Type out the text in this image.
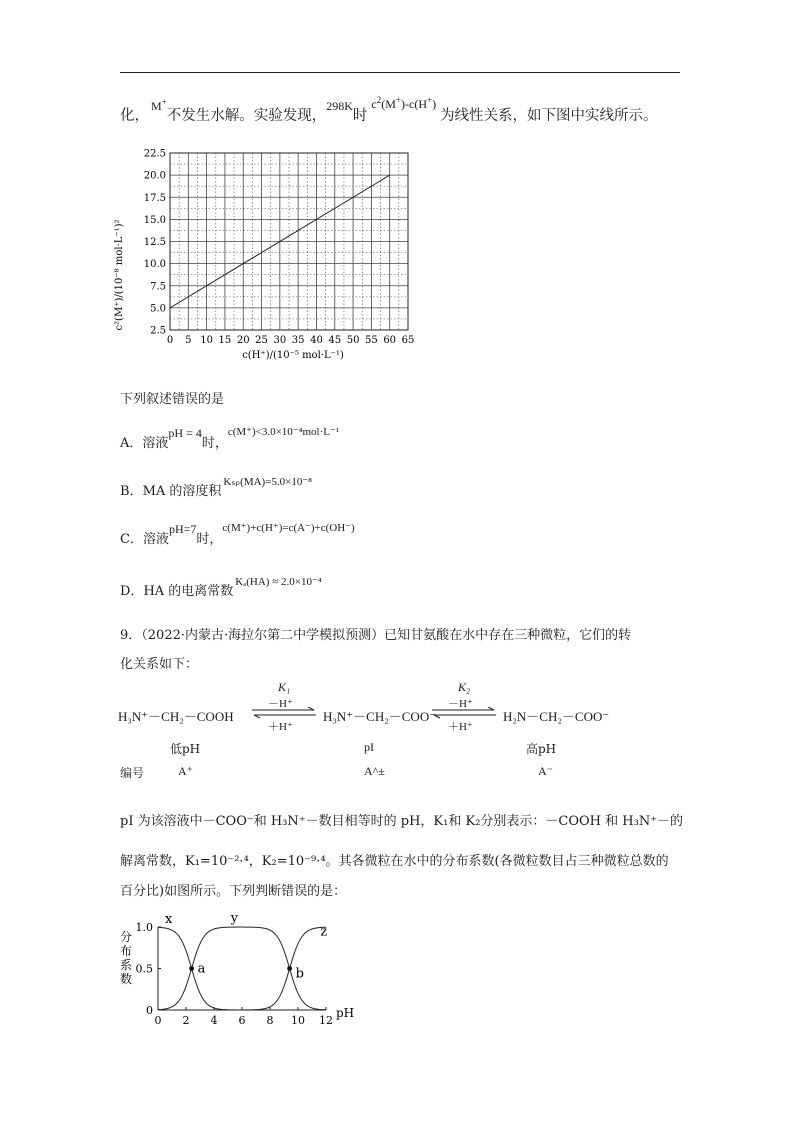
化，$^{M^+}$不发生水解。实验发现，$^{298K}$时$^{c^2(M^+)-c(H^+)}$为线性关系，如下图中实线所示。
0 5 10 15 20 25 30 35 40 45 50 55 60 65
2.5
5.0
7.5
10.0
12.5
15.0
17.5
20.0
22.5
c²(M⁺)/(10⁻⁸ mol·L⁻¹)²
c(H⁺)/(10⁻⁵ mol·L⁻¹)
下列叙述错误的是
A．溶液pH = 4时，$^{c(M^+)<3.0\times 10^{-4}mol\cdot L^{-1}}$
B．MA 的溶度积$^{K_{sp}(MA)=5.0\times 10^{-8}}$
C．溶液pH=7时，$^{c(M^+)+c(H^+)=c(A^-)+c(OH^-)}$
D．HA 的电离常数$^{K_a(HA) \approx 2.0\times 10^{-4}}$
9．（2022·内蒙古·海拉尔第二中学模拟预测）已知甘氨酸在水中存在三种微粒，它们的转
化关系如下：
H₃N⁺－CH₂－COOH
K₁
－H⁺
＋H⁺
H₃N⁺－CH₂－COO⁻
K₂
－H⁺
＋H⁺
H₂N－CH₂－COO⁻
低pH	pI	高pH
编号	A⁺	A^±	A⁻
pI 为该溶液中－COO⁻和 H₃N⁺－数目相等时的 pH，K₁和 K₂分别表示：－COOH 和 H₃N⁺－的
解离常数，K₁=10⁻²·⁴，K₂=10⁻⁹·⁴。其各微粒在水中的分布系数(各微粒数目占三种微粒总数的
百分比)如图所示。下列判断错误的是：
分
布
系
数
0 2 4 6 8 10 12
0
0.5
1.0
x	y
z
a	b
pH
